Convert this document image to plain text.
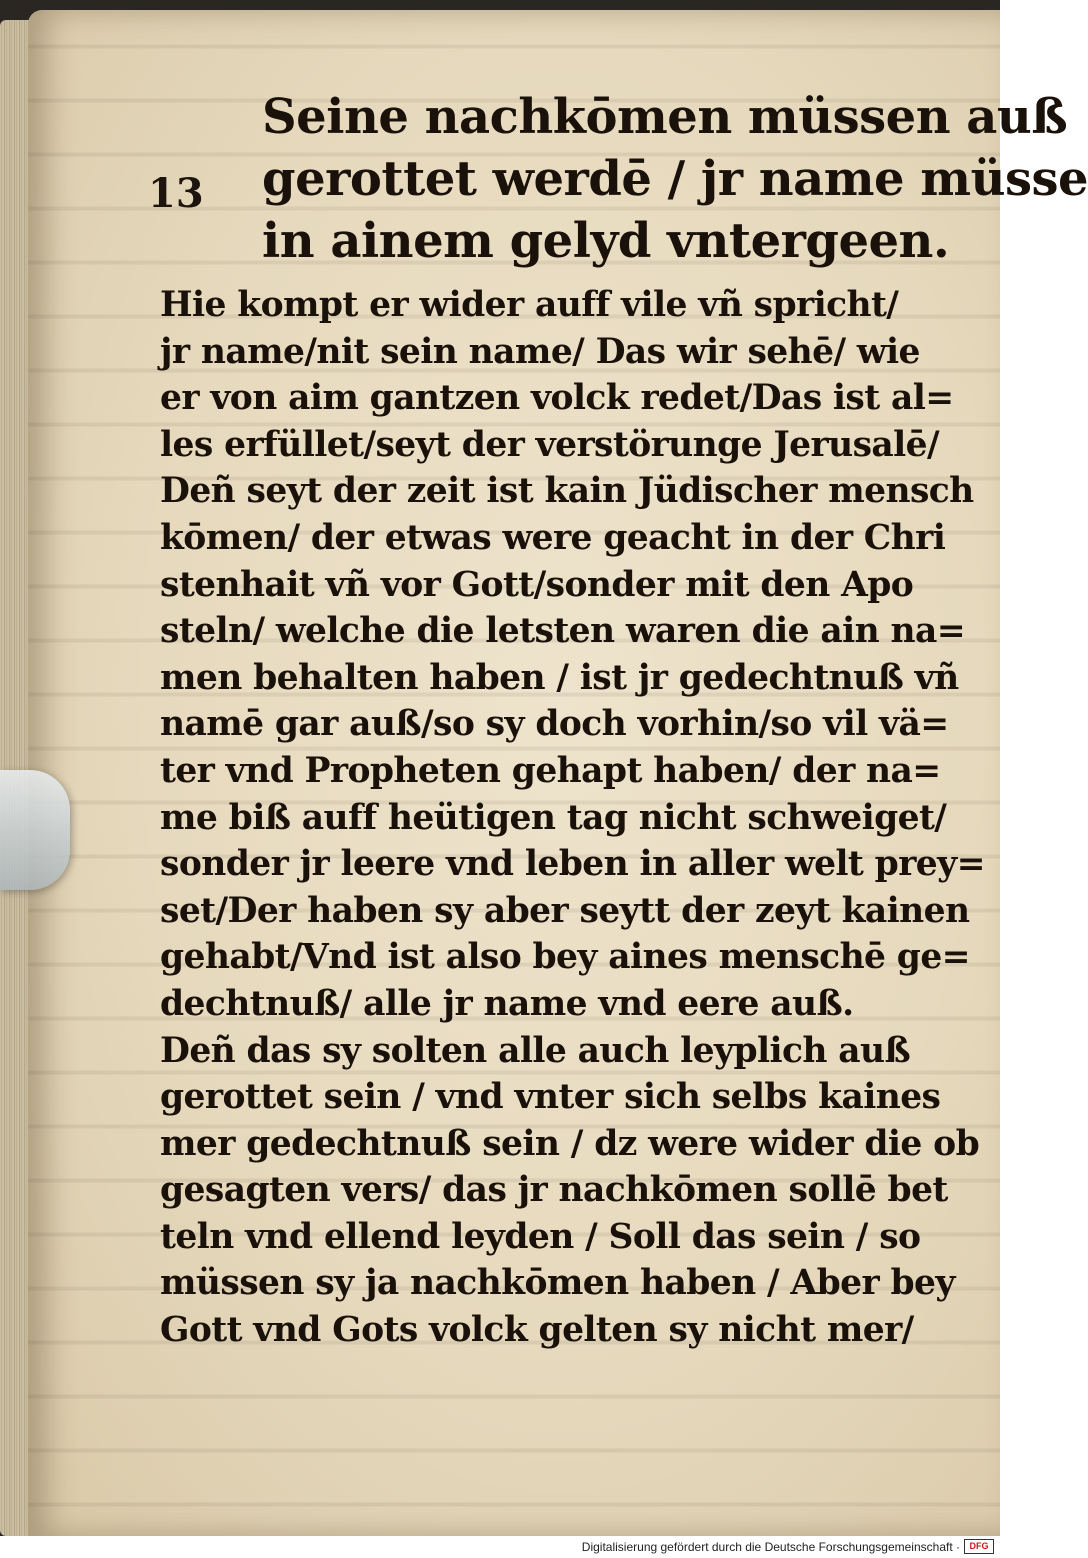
13
Seine nachkōmen müssen auß
gerottet werdē / jr name müsse
in ainem gelyd vntergeen.
Hie kompt er wider auff vile vñ spricht/
jr name/nit sein name/ Das wir sehē/ wie
er von aim gantzen volck redet/Das ist al=
les erfüllet/seyt der verstörunge Jerusalē/
Deñ seyt der zeit ist kain Jüdischer mensch
kōmen/ der etwas were geacht in der Chri
stenhait vñ vor Gott/sonder mit den Apo
steln/ welche die letsten waren die ain na=
men behalten haben / ist jr gedechtnuß vñ
namē gar auß/so sy doch vorhin/so vil vä=
ter vnd Propheten gehapt haben/ der na=
me biß auff heütigen tag nicht schweiget/
sonder jr leere vnd leben in aller welt prey=
set/Der haben sy aber seytt der zeyt kainen
gehabt/Vnd ist also bey aines menschē ge=
dechtnuß/ alle jr name vnd eere auß.
Deñ das sy solten alle auch leyplich auß
gerottet sein / vnd vnter sich selbs kaines
mer gedechtnuß sein / dz were wider die ob
gesagten vers/ das jr nachkōmen sollē bet
teln vnd ellend leyden / Soll das sein / so
müssen sy ja nachkōmen haben / Aber bey
Gott vnd Gots volck gelten sy nicht mer/
Digitalisierung gefördert durch die Deutsche Forschungsgemeinschaft ·	DFG
